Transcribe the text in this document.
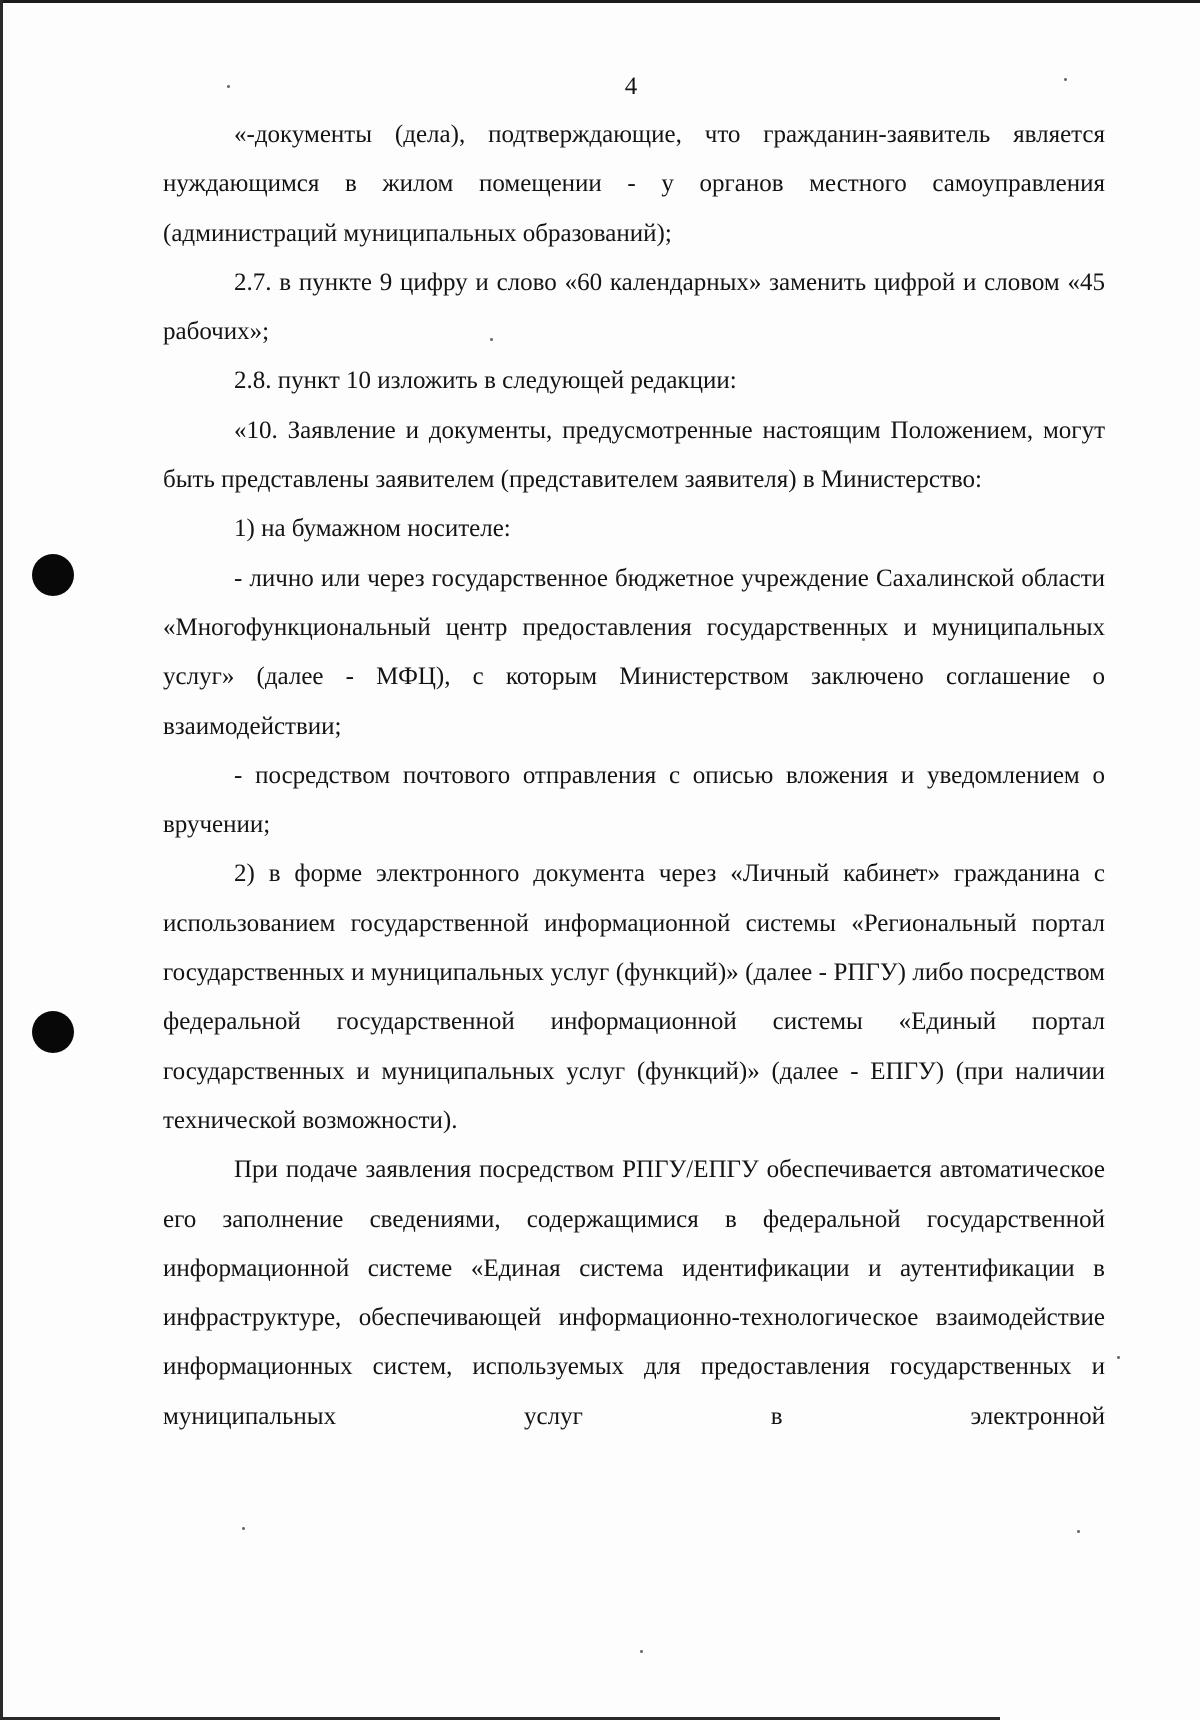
4

«-документы (дела), подтверждающие, что гражданин-заявитель является нуждающимся в жилом помещении - у органов местного самоуправления (администраций муниципальных образований);

2.7. в пункте 9 цифру и слово «60 календарных» заменить цифрой и словом «45 рабочих»;

2.8. пункт 10 изложить в следующей редакции:

«10. Заявление и документы, предусмотренные настоящим Положением, могут быть представлены заявителем (представителем заявителя) в Министерство:

1) на бумажном носителе:

- лично или через государственное бюджетное учреждение Сахалинской области «Многофункциональный центр предоставления государственных и муниципальных услуг» (далее - МФЦ), с которым Министерством заключено соглашение о взаимодействии;

- посредством почтового отправления с описью вложения и уведомлением о вручении;

2) в форме электронного документа через «Личный кабинет» гражданина с использованием государственной информационной системы «Региональный портал государственных и муниципальных услуг (функций)» (далее - РПГУ) либо посредством федеральной государственной информационной системы «Единый портал государственных и муниципальных услуг (функций)» (далее - ЕПГУ) (при наличии технической возможности).

При подаче заявления посредством РПГУ/ЕПГУ обеспечивается автоматическое его заполнение сведениями, содержащимися в федеральной государственной информационной системе «Единая система идентификации и аутентификации в инфраструктуре, обеспечивающей информационно-технологическое взаимодействие информационных систем, используемых для предоставления государственных и муниципальных услуг в электронной
